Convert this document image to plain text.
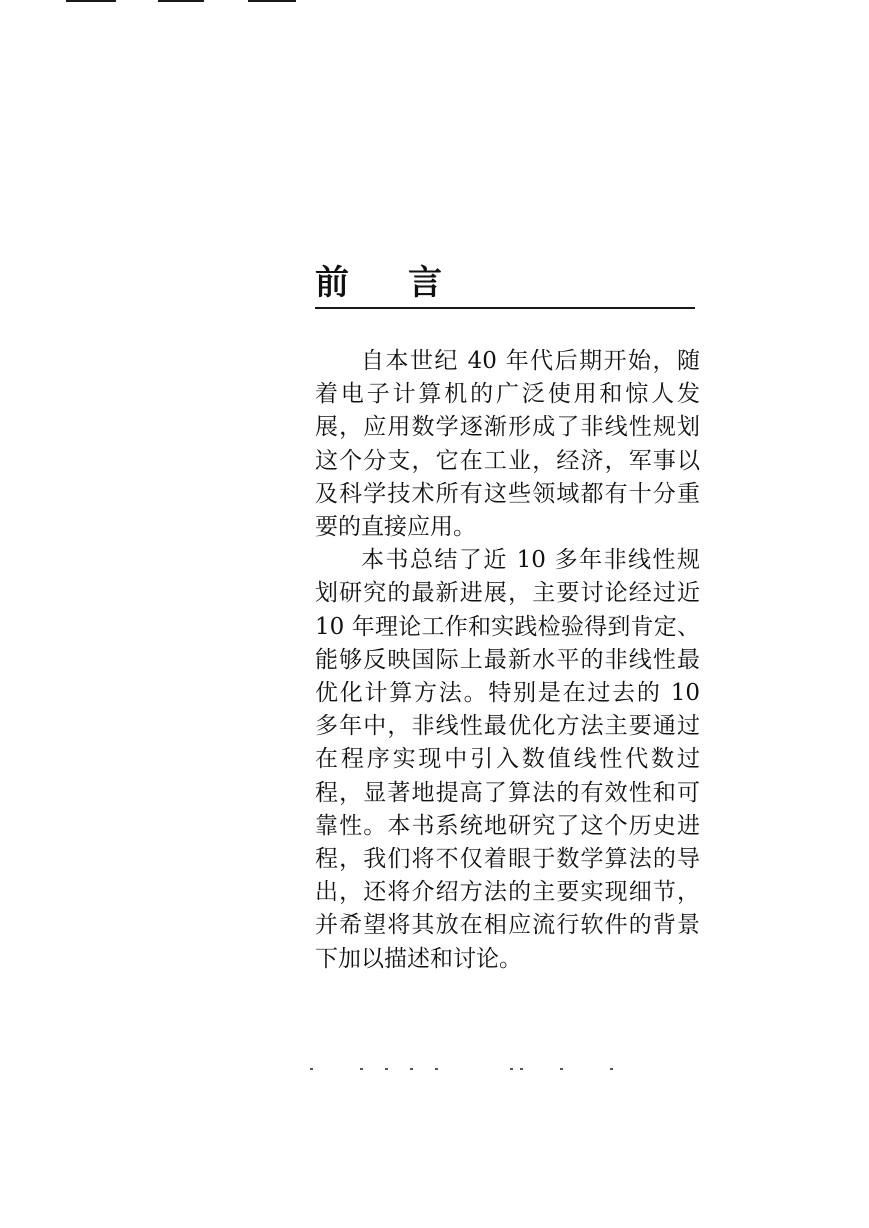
前 言

自本世纪 40 年代后期开始，随着电子计算机的广泛使用和惊人发展，应用数学逐渐形成了非线性规划这个分支，它在工业，经济，军事以及科学技术所有这些领域都有十分重要的直接应用。

本书总结了近 10 多年非线性规划研究的最新进展，主要讨论经过近 10 年理论工作和实践检验得到肯定、能够反映国际上最新水平的非线性最优化计算方法。特别是在过去的 10 多年中，非线性最优化方法主要通过在程序实现中引入数值线性代数过程，显著地提高了算法的有效性和可靠性。本书系统地研究了这个历史进程，我们将不仅着眼于数学算法的导出，还将介绍方法的主要实现细节，并希望将其放在相应流行软件的背景下加以描述和讨论。
